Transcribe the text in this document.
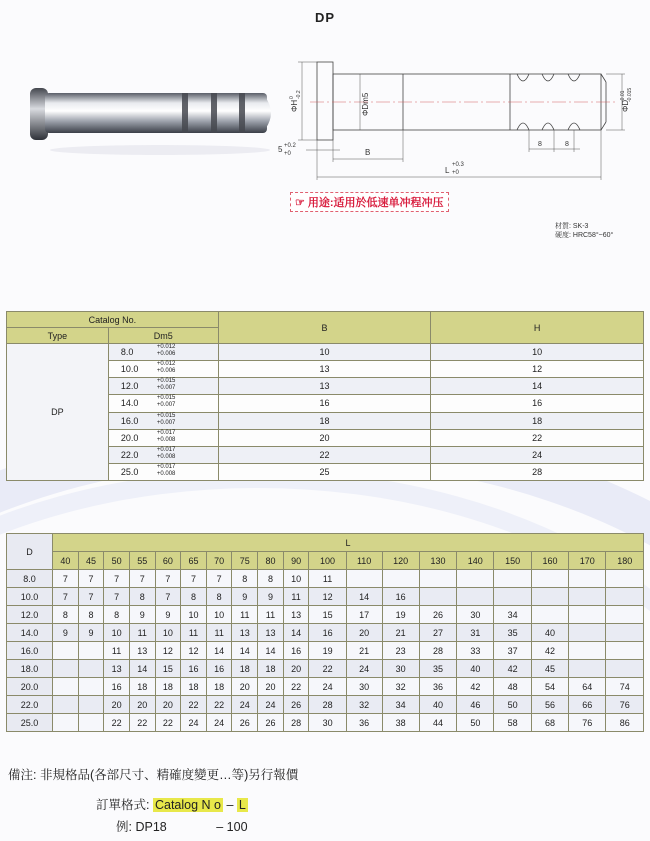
DP
ΦH
0 -0.2	ΦDm5	ΦD
-0.01 -0.015
5 +0.2
+0	B
L
+0.3
+0
8	8
☞ 用途:适用於低速单冲程冲压
材質: SK-3
硬度: HRC58°~60°
Catalog No.		B	H
Type	Dm5		
DP	8.0
+0.012
+0.006	10	10
	10.0
+0.012
+0.006	13	12
	12.0
+0.015
+0.007	13	14
	14.0
+0.015
+0.007	16	16
	16.0
+0.015
+0.007	18	18
	20.0
+0.017
+0.008	20	22
	22.0
+0.017
+0.008	22	24
	25.0
+0.017
+0.008	25	28
D	L																		
	40	45	50	55	60	65	70	75	80	90	100	110	120	130	140	150	160	170	180
8.0	7	7	7	7	7	7	7	8	8	10	11								
10.0	7	7	7	8	7	8	8	9	9	11	12	14	16						
12.0	8	8	8	9	9	10	10	11	11	13	15	17	19	26	30	34			
14.0	9	9	10	11	10	11	11	13	13	14	16	20	21	27	31	35	40		
16.0			11	13	12	12	14	14	14	16	19	21	23	28	33	37	42		
18.0			13	14	15	16	16	18	18	20	22	24	30	35	40	42	45		
20.0			16	18	18	18	18	20	20	22	24	30	32	36	42	48	54	64	74
22.0			20	20	20	22	22	24	24	26	28	32	34	40	46	50	56	66	76
25.0			22	22	22	24	24	26	26	28	30	36	38	44	50	58	68	76	86
備注: 非規格品(各部尺寸、精確度變更…等)另行報價
訂單格式: Catalog N o – L
例: DP18	– 100
